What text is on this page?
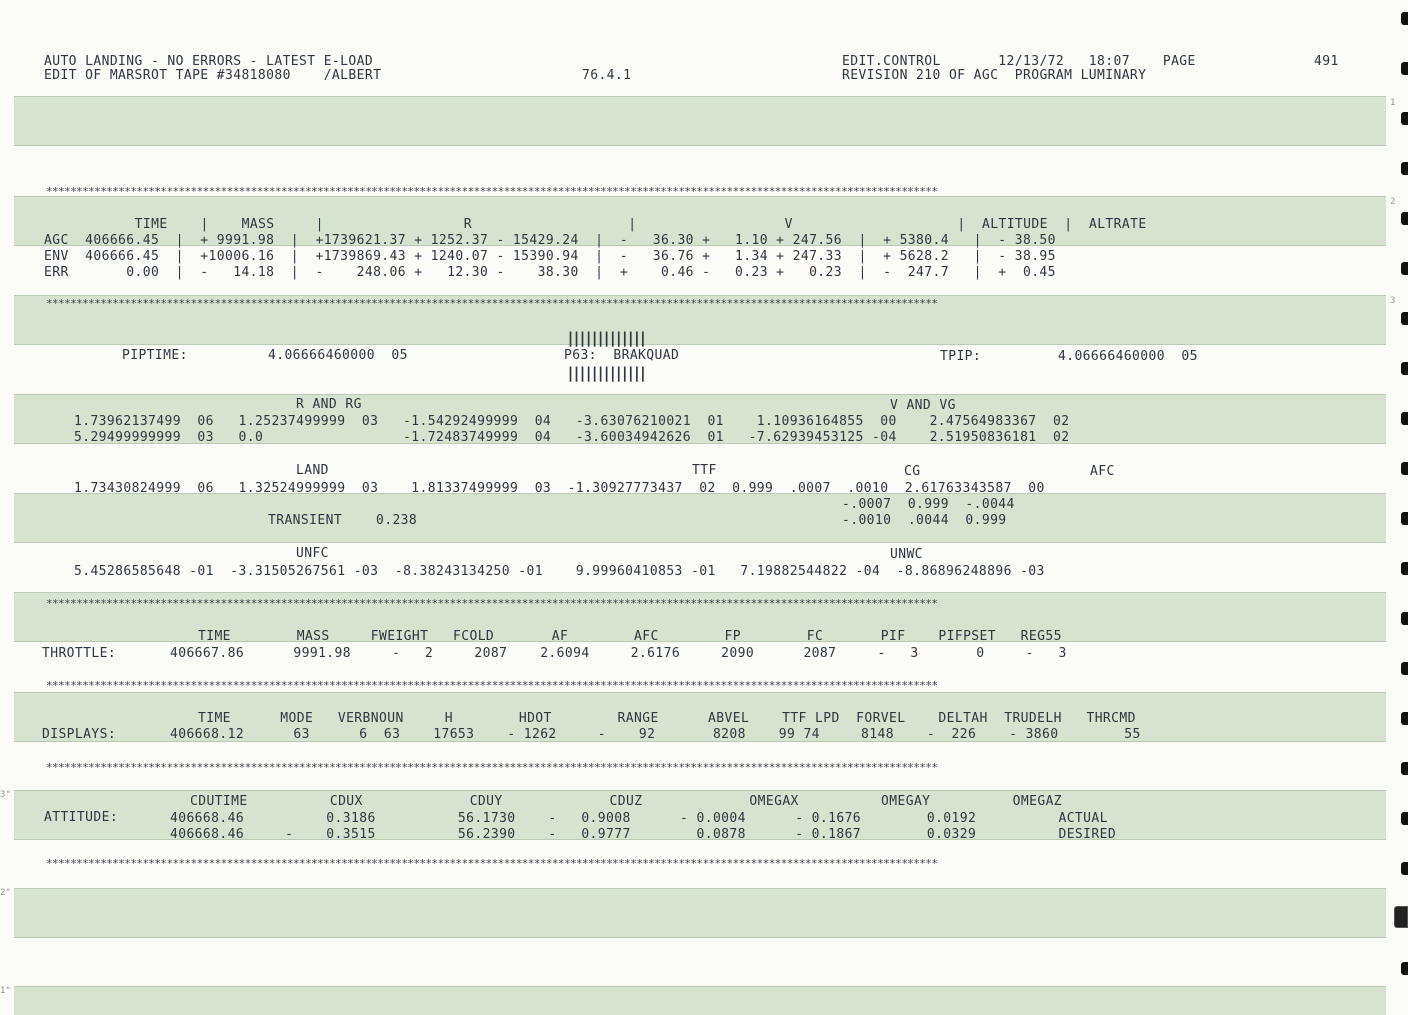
1
2
3
3"
2"
1"
AUTO LANDING - NO ERRORS - LATEST E-LOAD
EDIT OF MARSROT TAPE #34818080    /ALBERT	76.4.1
EDIT.CONTROL       12/13/72   18:07    PAGE	491
REVISION 210 OF AGC  PROGRAM LUMINARY
****************************************************************************************************************************************************
****************************************************************************************************************************************************
****************************************************************************************************************************************************
****************************************************************************************************************************************************
****************************************************************************************************************************************************
****************************************************************************************************************************************************
TIME    |    MASS     |                 R                   |                  V                    |  ALTITUDE  |  ALTRATE
AGC  406666.45  |  + 9991.98  |  +1739621.37 + 1252.37 - 15429.24  |  -   36.30 +   1.10 + 247.56  |  + 5380.4   |  - 38.50
ENV  406666.45  |  +10006.16  |  +1739869.43 + 1240.07 - 15390.94  |  -   36.76 +   1.34 + 247.33  |  + 5628.2   |  - 38.95
ERR       0.00  |  -   14.18  |  -    248.06 +   12.30 -    38.30  |  +    0.46 -   0.23 +   0.23  |  -  247.7   |  +  0.45
|||||||||||||
PIPTIME:	4.06666460000  05	P63:  BRAKQUAD	TPIP:	4.06666460000  05
|||||||||||||
R AND RG	V AND VG
1.73962137499  06   1.25237499999  03   -1.54292499999  04   -3.63076210021  01    1.10936164855  00    2.47564983367  02
5.29499999999  03   0.0                 -1.72483749999  04   -3.60034942626  01   -7.62939453125 -04    2.51950836181  02
LAND	TTF	CG	AFC
1.73430824999  06   1.32524999999  03    1.81337499999  03  -1.30927773437  02  0.999  .0007  .0010  2.61763343587  00
-.0007  0.999  -.0044
-.0010  .0044  0.999
TRANSIENT	0.238
UNFC	UNWC
5.45286585648 -01  -3.31505267561 -03  -8.38243134250 -01    9.99960410853 -01   7.19882544822 -04  -8.86896248896 -03
TIME        MASS     FWEIGHT   FCOLD       AF        AFC        FP        FC       PIF    PIFPSET   REG55
THROTTLE:	406667.86      9991.98     -   2     2087    2.6094     2.6176     2090      2087     -   3       0     -   3
TIME      MODE   VERBNOUN     H        HDOT        RANGE      ABVEL    TTF LPD  FORVEL    DELTAH  TRUDELH   THRCMD
DISPLAYS:	406668.12      63      6  63    17653    - 1262     -    92       8208    99 74     8148    -  226    - 3860        55
CDUTIME          CDUX             CDUY             CDUZ             OMEGAX          OMEGAY          OMEGAZ
ATTITUDE:	406668.46          0.3186          56.1730    -   0.9008      - 0.0004      - 0.1676        0.0192          ACTUAL
406668.46     -    0.3515          56.2390    -   0.9777        0.0878      - 0.1867        0.0329          DESIRED
